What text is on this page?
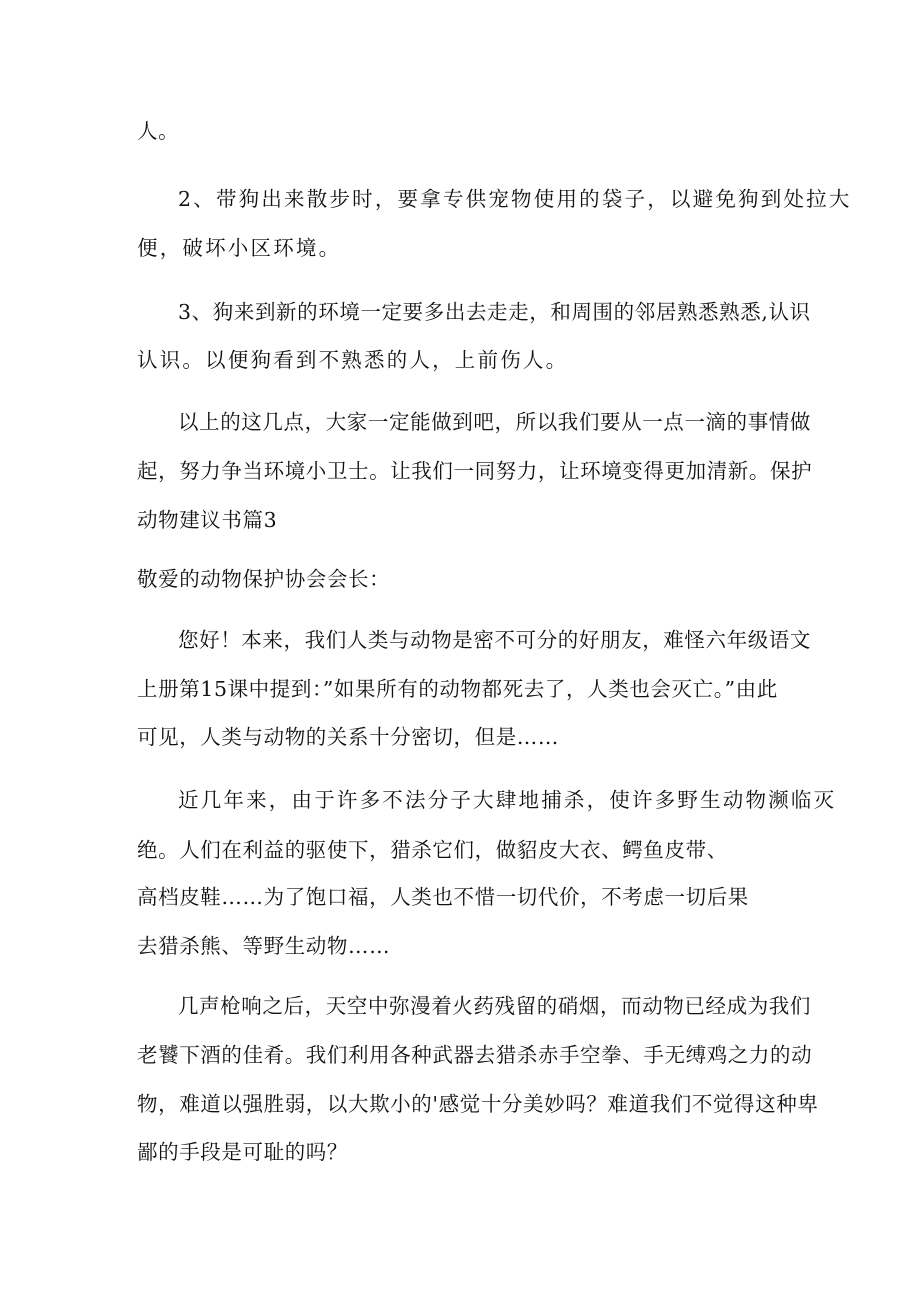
人。
2、带狗出来散步时，要拿专供宠物使用的袋子，以避免狗到处拉大
便，破坏小区环境。
3、狗来到新的环境一定要多出去走走，和周围的邻居熟悉熟悉,认识
认识。以便狗看到不熟悉的人，上前伤人。
以上的这几点，大家一定能做到吧，所以我们要从一点一滴的事情做
起，努力争当环境小卫士。让我们一同努力，让环境变得更加清新。保护
动物建议书篇3
敬爱的动物保护协会会长：
您好！本来，我们人类与动物是密不可分的好朋友，难怪六年级语文
上册第15课中提到：”如果所有的动物都死去了，人类也会灭亡。”由此
可见，人类与动物的关系十分密切，但是……
近几年来，由于许多不法分子大肆地捕杀，使许多野生动物濒临灭
绝。人们在利益的驱使下，猎杀它们，做貂皮大衣、鳄鱼皮带、
高档皮鞋……为了饱口福，人类也不惜一切代价，不考虑一切后果
去猎杀熊、等野生动物……
几声枪响之后，天空中弥漫着火药残留的硝烟，而动物已经成为我们
老饕下酒的佳肴。我们利用各种武器去猎杀赤手空拳、手无缚鸡之力的动
物，难道以强胜弱，以大欺小的'感觉十分美妙吗？难道我们不觉得这种卑
鄙的手段是可耻的吗？
